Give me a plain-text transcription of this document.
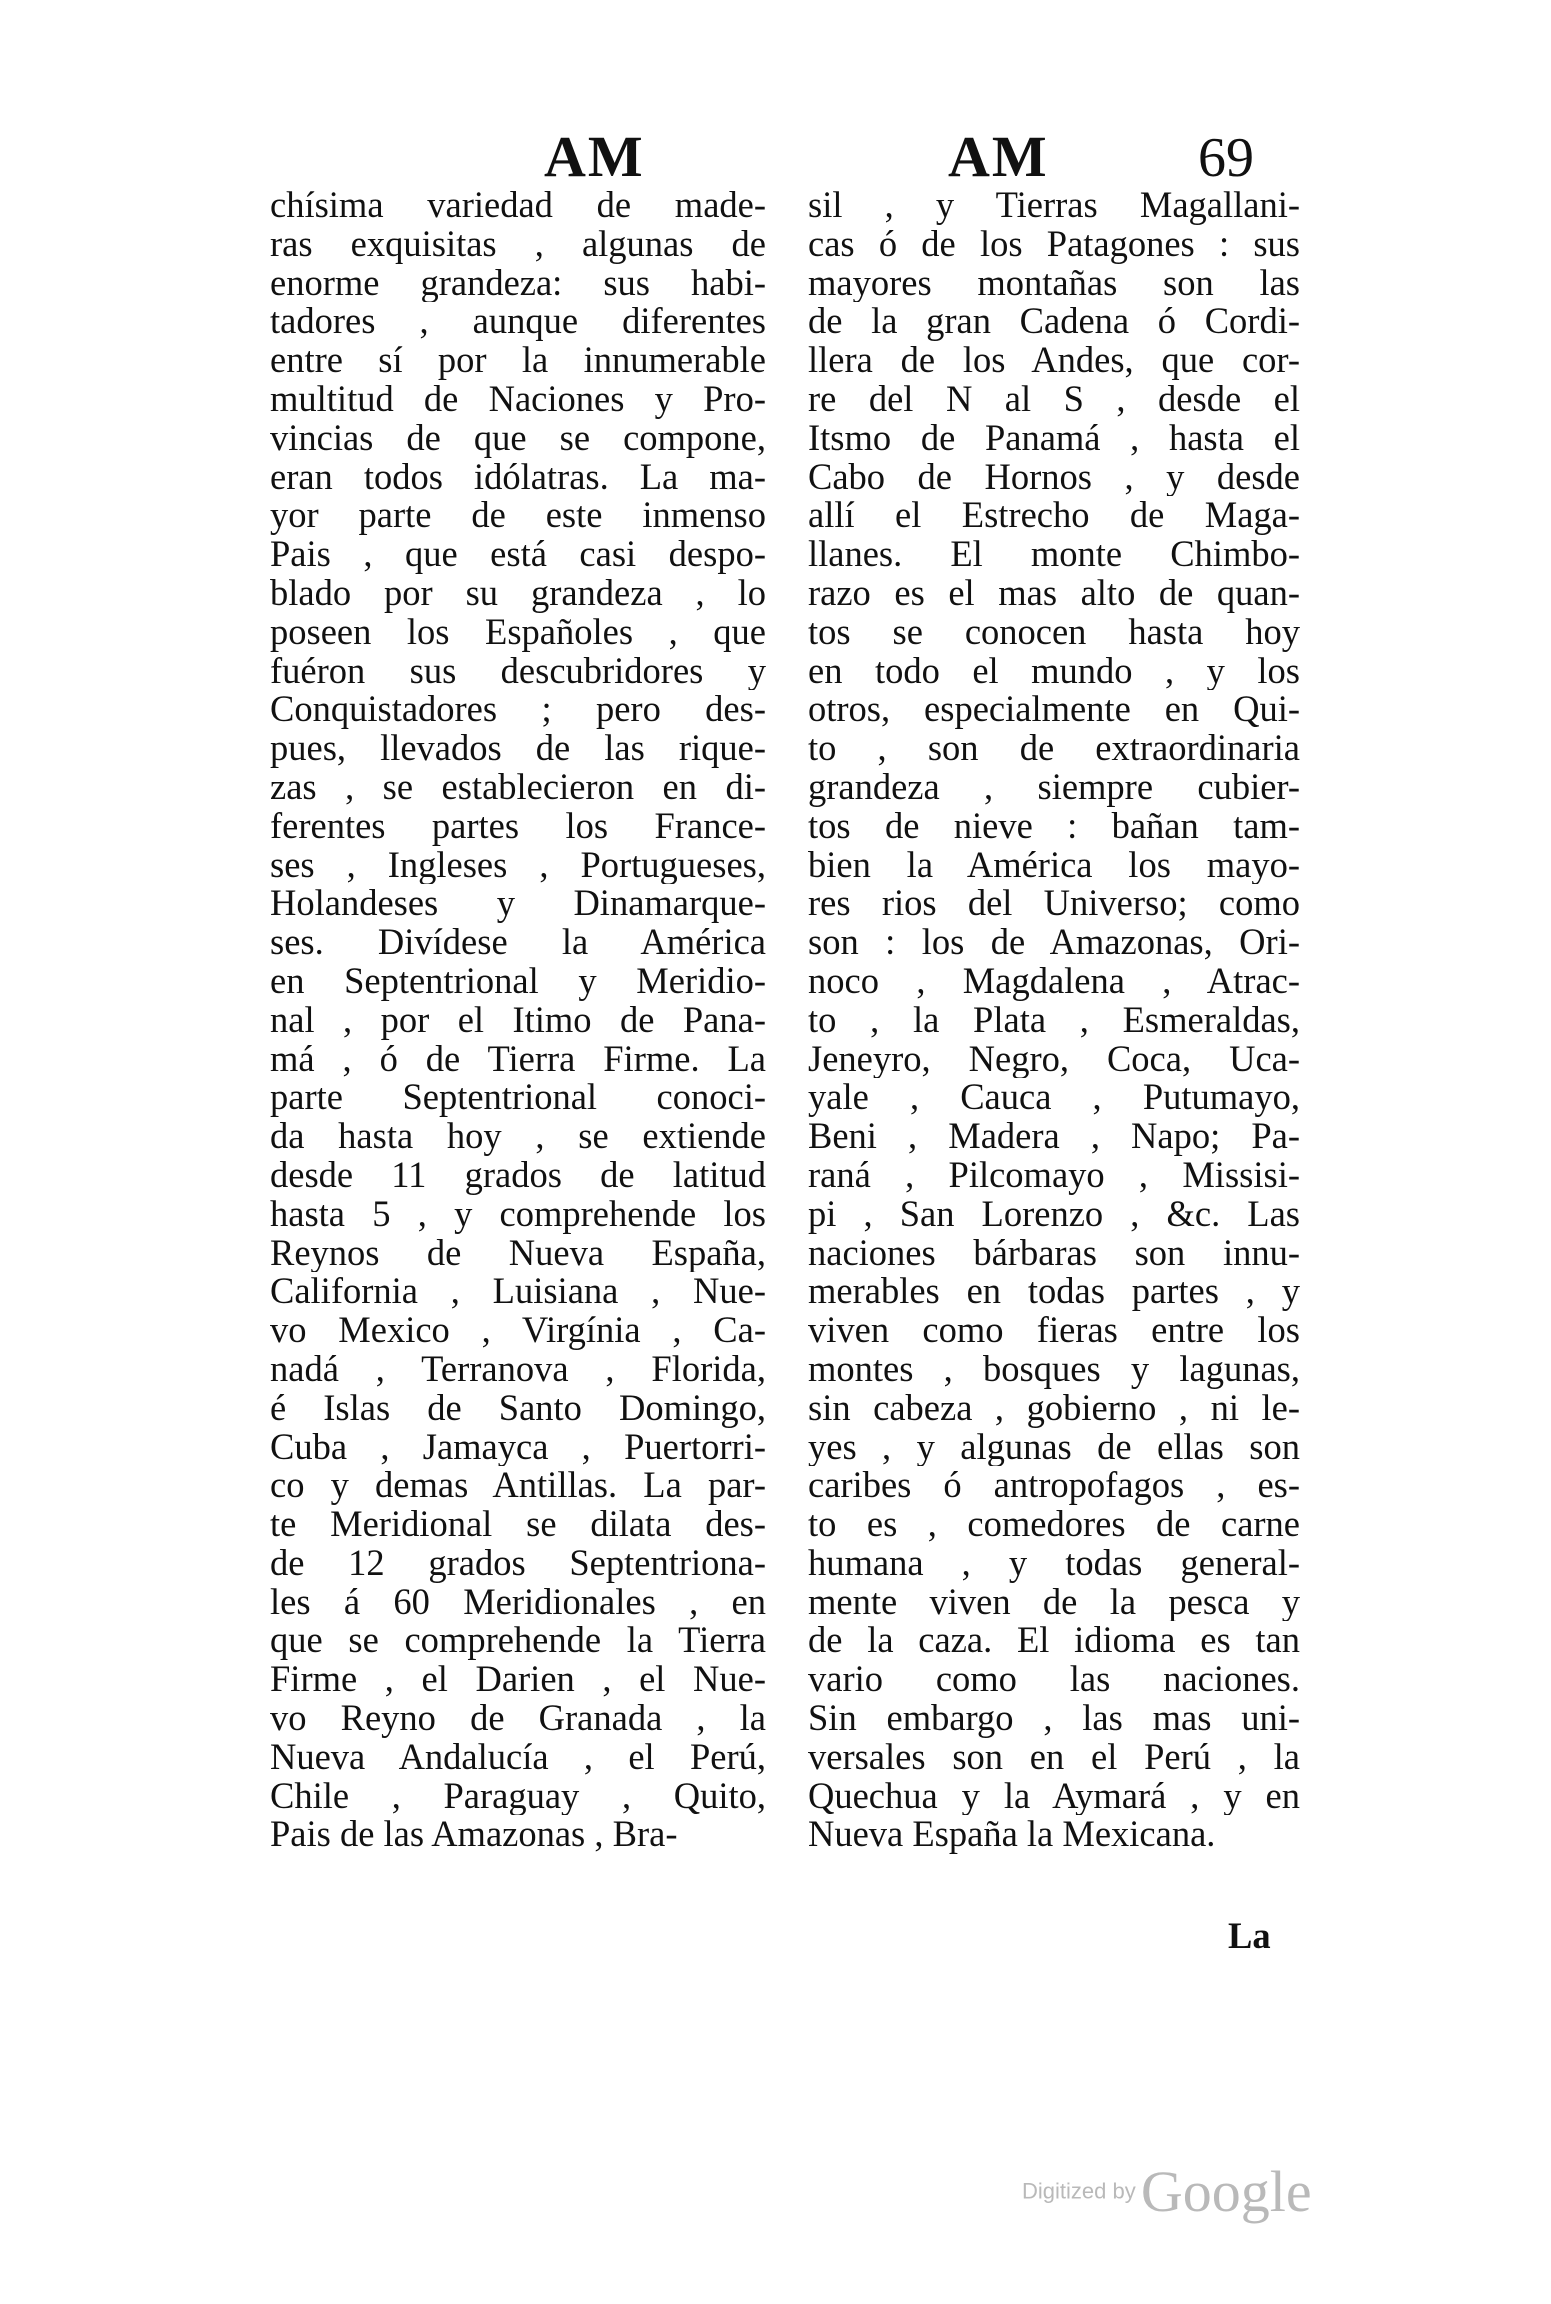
AM	AM	69
chísima variedad de made-
ras exquisitas , algunas de
enorme grandeza: sus habi-
tadores , aunque diferentes
entre sí por la innumerable
multitud de Naciones y Pro-
vincias de que se compone,
eran todos idólatras. La ma-
yor parte de este inmenso
Pais , que está casi despo-
blado por su grandeza , lo
poseen los Españoles , que
fuéron sus descubridores y
Conquistadores ; pero des-
pues, llevados de las rique-
zas , se establecieron en di-
ferentes partes los France-
ses , Ingleses , Portugueses,
Holandeses y Dinamarque-
ses. Divídese la América
en Septentrional y Meridio-
nal , por el Itimo de Pana-
má , ó de Tierra Firme. La
parte Septentrional conoci-
da hasta hoy , se extiende
desde 11 grados de latitud
hasta 5 , y comprehende los
Reynos de Nueva España,
California , Luisiana , Nue-
vo Mexico , Virgínia , Ca-
nadá , Terranova , Florida,
é Islas de Santo Domingo,
Cuba , Jamayca , Puertorri-
co y demas Antillas. La par-
te Meridional se dilata des-
de 12 grados Septentriona-
les á 60 Meridionales , en
que se comprehende la Tierra
Firme , el Darien , el Nue-
vo Reyno de Granada , la
Nueva Andalucía , el Perú,
Chile , Paraguay , Quito,
Pais de las Amazonas , Bra-
sil , y Tierras Magallani-
cas ó de los Patagones : sus
mayores montañas son las
de la gran Cadena ó Cordi-
llera de los Andes, que cor-
re del N al S , desde el
Itsmo de Panamá , hasta el
Cabo de Hornos , y desde
allí el Estrecho de Maga-
llanes. El monte Chimbo-
razo es el mas alto de quan-
tos se conocen hasta hoy
en todo el mundo , y los
otros, especialmente en Qui-
to , son de extraordinaria
grandeza , siempre cubier-
tos de nieve : bañan tam-
bien la América los mayo-
res rios del Universo; como
son : los de Amazonas, Ori-
noco , Magdalena , Atrac-
to , la Plata , Esmeraldas,
Jeneyro, Negro, Coca, Uca-
yale , Cauca , Putumayo,
Beni , Madera , Napo; Pa-
raná , Pilcomayo , Missisi-
pi , San Lorenzo , &c. Las
naciones bárbaras son innu-
merables en todas partes , y
viven como fieras entre los
montes , bosques y lagunas,
sin cabeza , gobierno , ni le-
yes , y algunas de ellas son
caribes ó antropofagos , es-
to es , comedores de carne
humana , y todas general-
mente viven de la pesca y
de la caza. El idioma es tan
vario como las naciones.
Sin embargo , las mas uni-
versales son en el Perú , la
Quechua y la Aymará , y en
Nueva España la Mexicana.
La
Digitized by Google
